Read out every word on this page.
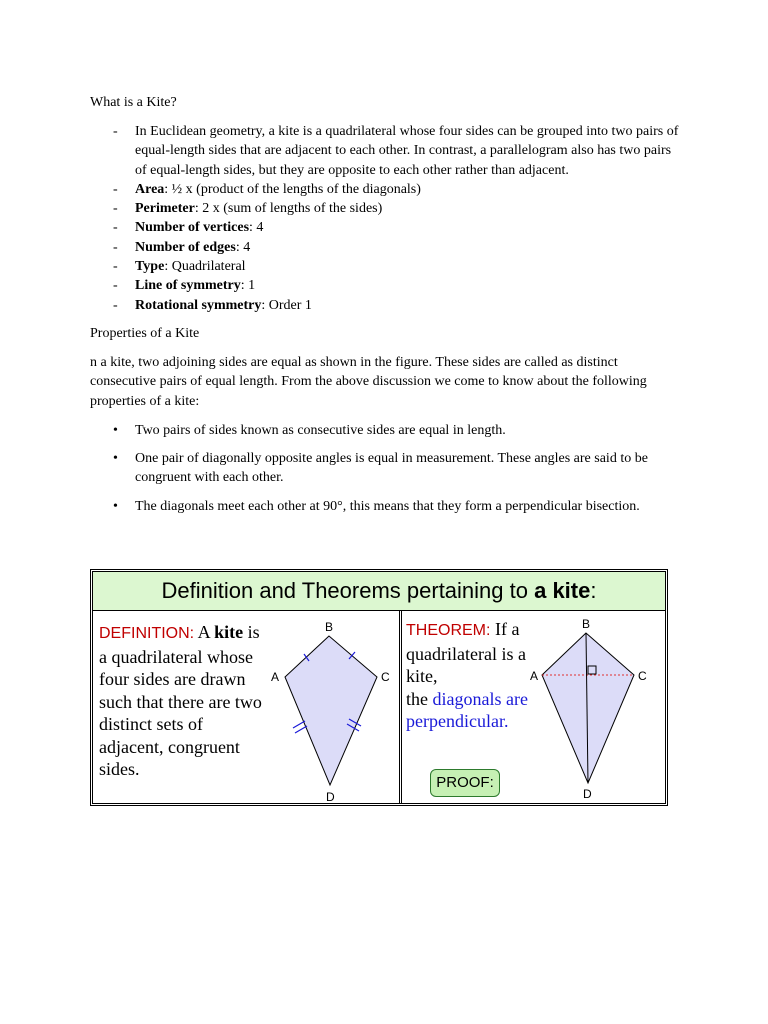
What is a Kite?

- In Euclidean geometry, a kite is a quadrilateral whose four sides can be grouped into two pairs of equal-length sides that are adjacent to each other. In contrast, a parallelogram also has two pairs of equal-length sides, but they are opposite to each other rather than adjacent.
- Area: ½ x (product of the lengths of the diagonals)
- Perimeter: 2 x (sum of lengths of the sides)
- Number of vertices: 4
- Number of edges: 4
- Type: Quadrilateral
- Line of symmetry: 1
- Rotational symmetry: Order 1

Properties of a Kite

n a kite, two adjoining sides are equal as shown in the figure. These sides are called as distinct consecutive pairs of equal length. From the above discussion we come to know about the following properties of a kite:

• Two pairs of sides known as consecutive sides are equal in length.
• One pair of diagonally opposite angles is equal in measurement. These angles are said to be congruent with each other.
• The diagonals meet each other at 90°, this means that they form a perpendicular bisection.
Definition and Theorems pertaining to a kite:
DEFINITION: A kite is a quadrilateral whose four sides are drawn such that there are two distinct sets of adjacent, congruent sides.
B
A	C
D
THEOREM: If a quadrilateral is a kite,
the diagonals are perpendicular.
PROOF:
B
A	C
D
